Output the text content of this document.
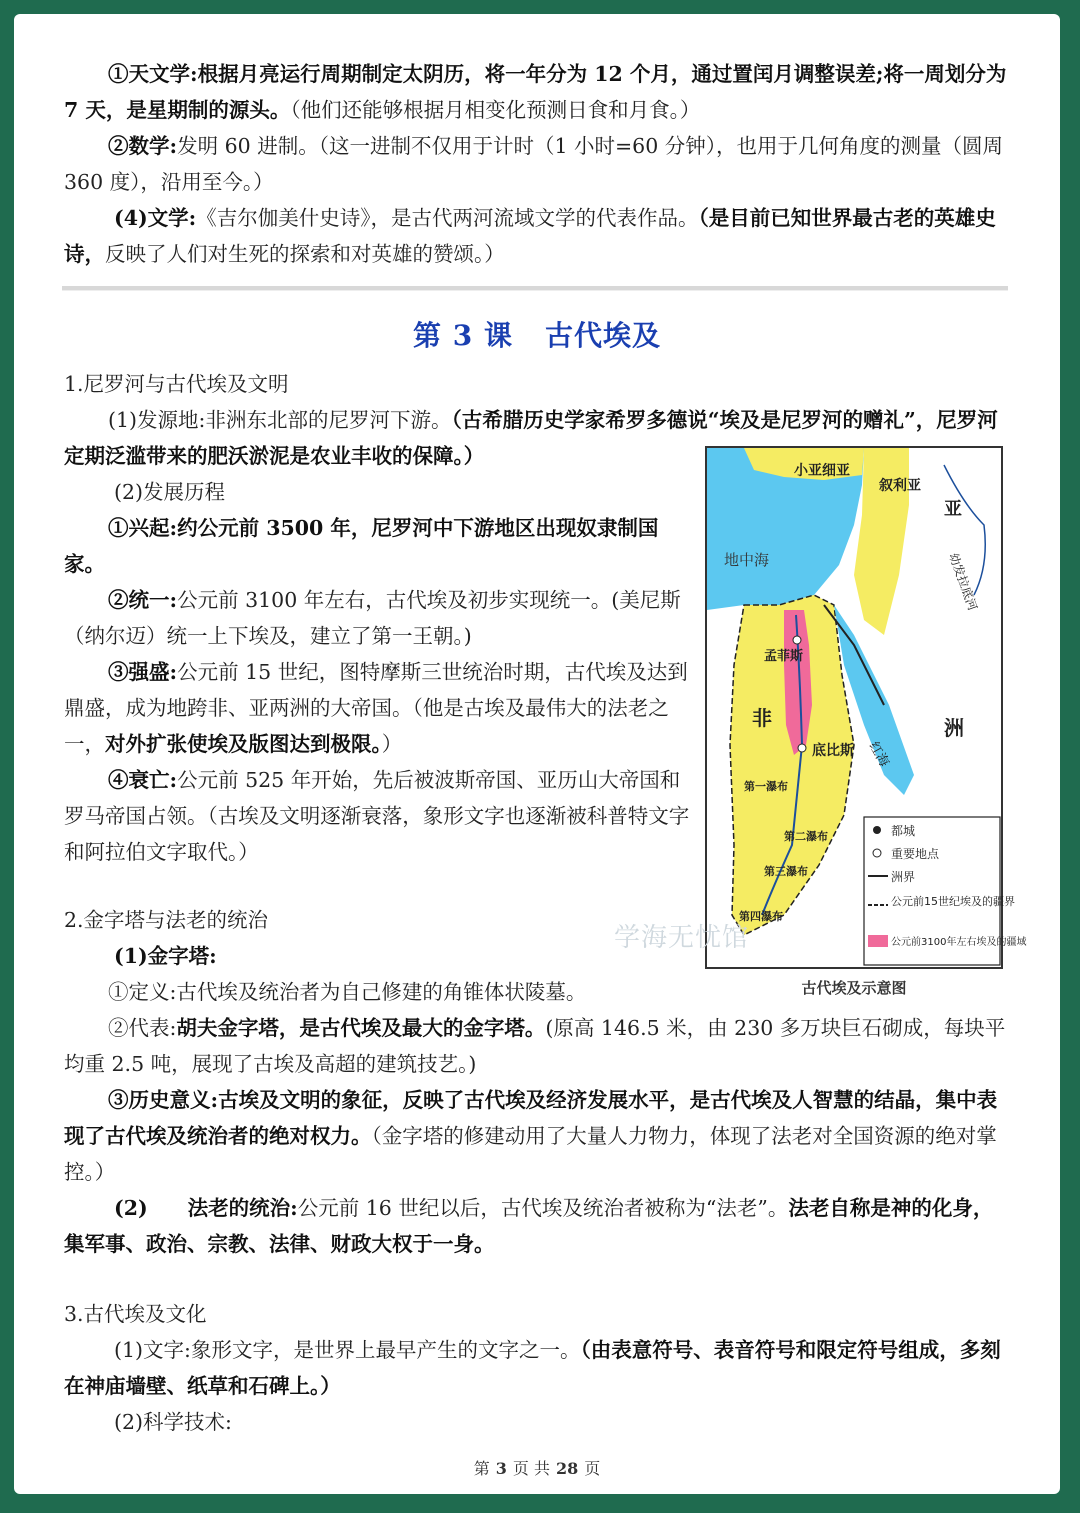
①天文学:根据月亮运行周期制定太阴历，将一年分为 12 个月，通过置闰月调整误差;将一周划分为 7 天，是星期制的源头。（他们还能够根据月相变化预测日食和月食。）
②数学:发明 60 进制。（这一进制不仅用于计时（1 小时=60 分钟），也用于几何角度的测量（圆周 360 度），沿用至今。）
(4)文学:《吉尔伽美什史诗》，是古代两河流域文学的代表作品。（是目前已知世界最古老的英雄史诗，反映了人们对生死的探索和对英雄的赞颂。）
第 3 课 古代埃及
1.尼罗河与古代埃及文明
(1)发源地:非洲东北部的尼罗河下游。（古希腊历史学家希罗多德说“埃及是尼罗河的赠礼”，尼罗河定期泛滥带来的肥沃淤泥是农业丰收的保障。）
(2)发展历程
①兴起:约公元前 3500 年，尼罗河中下游地区出现奴隶制国家。
②统一:公元前 3100 年左右，古代埃及初步实现统一。(美尼斯（纳尔迈）统一上下埃及，建立了第一王朝。)
③强盛:公元前 15 世纪，图特摩斯三世统治时期，古代埃及达到鼎盛，成为地跨非、亚两洲的大帝国。（他是古埃及最伟大的法老之一，对外扩张使埃及版图达到极限。）
④衰亡:公元前 525 年开始，先后被波斯帝国、亚历山大帝国和罗马帝国占领。（古埃及文明逐渐衰落，象形文字也逐渐被科普特文字和阿拉伯文字取代。）
小亚细亚
叙利亚
亚
地中海
孟菲斯
非	洲
底比斯 红海
幼发拉底河
第一瀑布
第二瀑布
第三瀑布
第四瀑布
都城
重要地点
洲界
公元前15世纪埃及的疆界
公元前3100年左右埃及的疆域
古代埃及示意图
学海无忧馆
2.金字塔与法老的统治
(1)金字塔:
①定义:古代埃及统治者为自己修建的角锥体状陵墓。
②代表:胡夫金字塔，是古代埃及最大的金字塔。(原高 146.5 米，由 230 多万块巨石砌成，每块平均重 2.5 吨，展现了古埃及高超的建筑技艺。)
③历史意义:古埃及文明的象征，反映了古代埃及经济发展水平，是古代埃及人智慧的结晶，集中表现了古代埃及统治者的绝对权力。（金字塔的修建动用了大量人力物力，体现了法老对全国资源的绝对掌控。）
(2) 法老的统治:公元前 16 世纪以后，古代埃及统治者被称为“法老”。法老自称是神的化身，集军事、政治、宗教、法律、财政大权于一身。
3.古代埃及文化
(1)文字:象形文字，是世界上最早产生的文字之一。（由表意符号、表音符号和限定符号组成，多刻在神庙墙壁、纸草和石碑上。）
(2)科学技术:
第 3 页 共 28 页
